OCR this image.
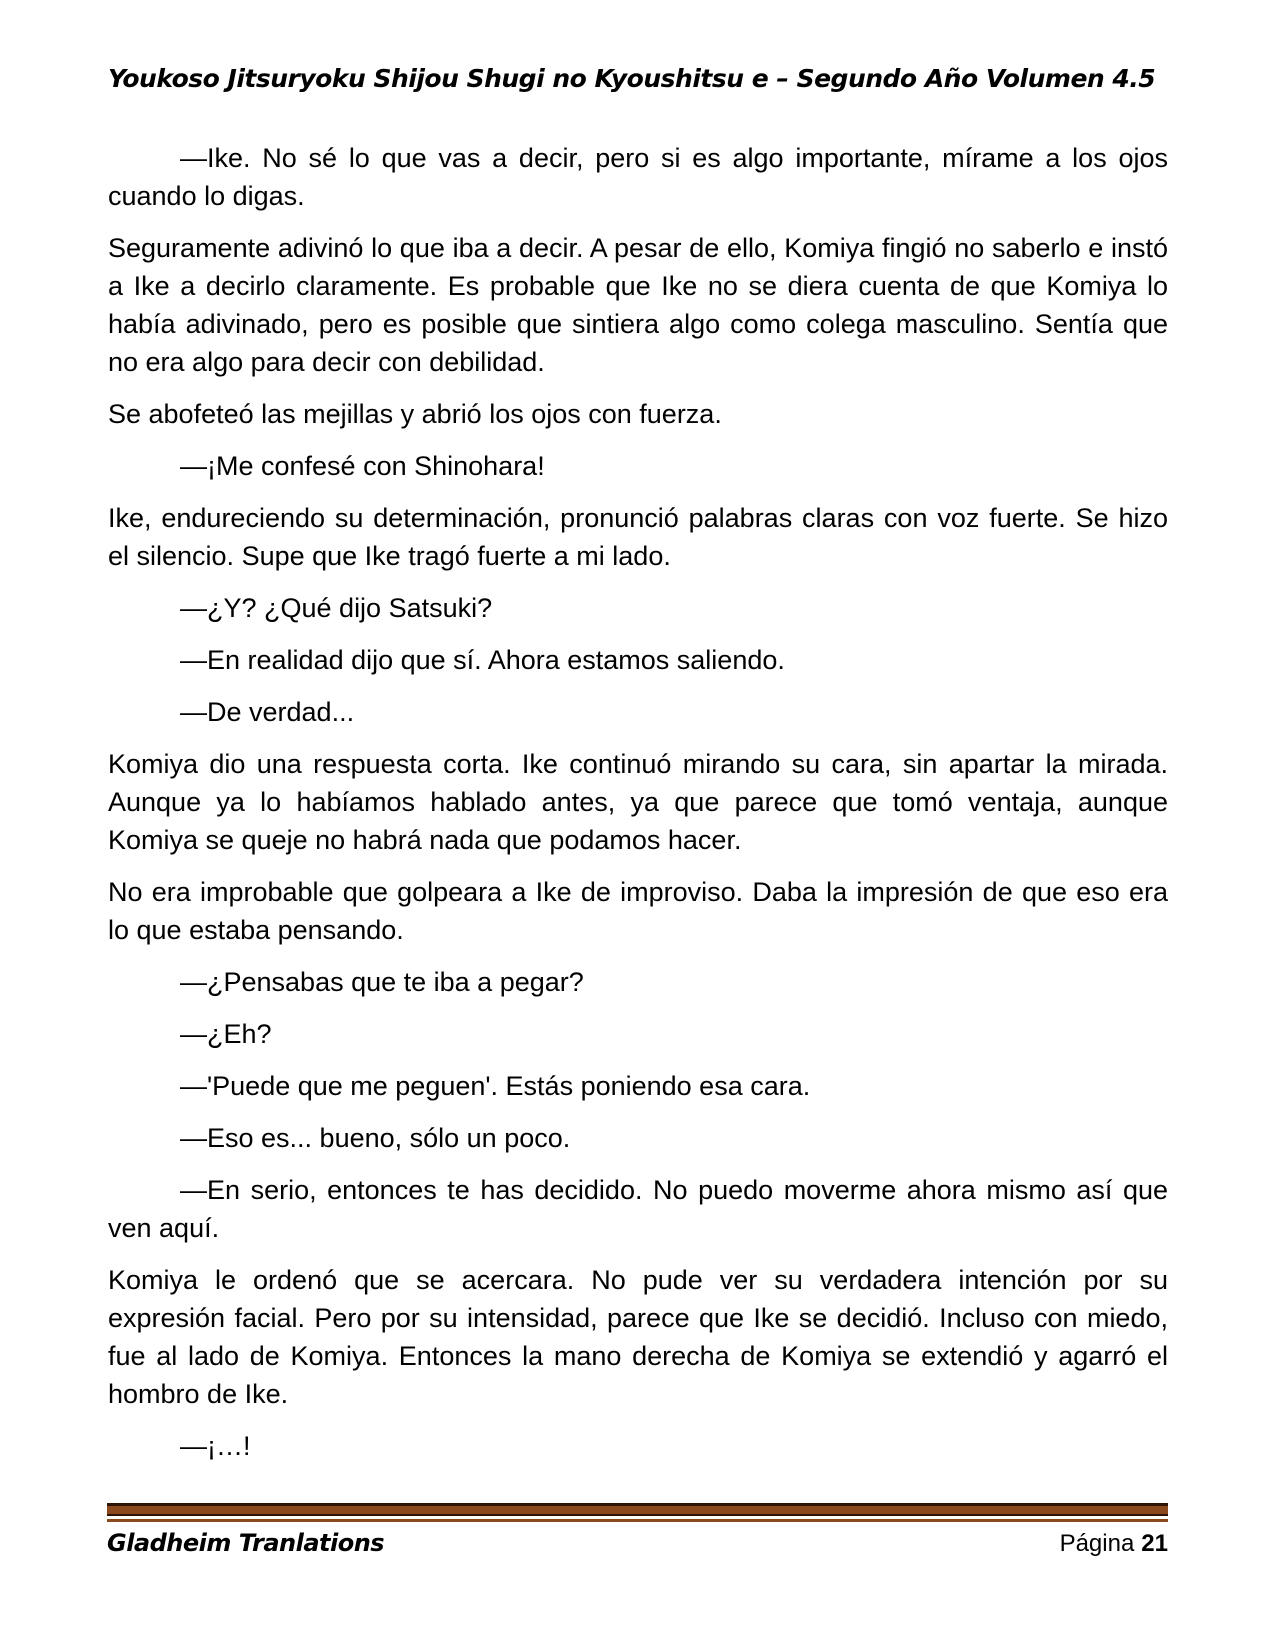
Youkoso Jitsuryoku Shijou Shugi no Kyoushitsu e – Segundo Año Volumen 4.5

—Ike. No sé lo que vas a decir, pero si es algo importante, mírame a los ojos cuando lo digas.

Seguramente adivinó lo que iba a decir. A pesar de ello, Komiya fingió no saberlo e instó a Ike a decirlo claramente. Es probable que Ike no se diera cuenta de que Komiya lo había adivinado, pero es posible que sintiera algo como colega masculino. Sentía que no era algo para decir con debilidad.

Se abofeteó las mejillas y abrió los ojos con fuerza.

—¡Me confesé con Shinohara!

Ike, endureciendo su determinación, pronunció palabras claras con voz fuerte. Se hizo el silencio. Supe que Ike tragó fuerte a mi lado.

—¿Y? ¿Qué dijo Satsuki?

—En realidad dijo que sí. Ahora estamos saliendo.

—De verdad...

Komiya dio una respuesta corta. Ike continuó mirando su cara, sin apartar la mirada. Aunque ya lo habíamos hablado antes, ya que parece que tomó ventaja, aunque Komiya se queje no habrá nada que podamos hacer.

No era improbable que golpeara a Ike de improviso. Daba la impresión de que eso era lo que estaba pensando.

—¿Pensabas que te iba a pegar?

—¿Eh?

—'Puede que me peguen'. Estás poniendo esa cara.

—Eso es... bueno, sólo un poco.

—En serio, entonces te has decidido. No puedo moverme ahora mismo así que ven aquí.

Komiya le ordenó que se acercara. No pude ver su verdadera intención por su expresión facial. Pero por su intensidad, parece que Ike se decidió. Incluso con miedo, fue al lado de Komiya. Entonces la mano derecha de Komiya se extendió y agarró el hombro de Ike.

—¡…!

Gladheim Tranlations	Página 21
